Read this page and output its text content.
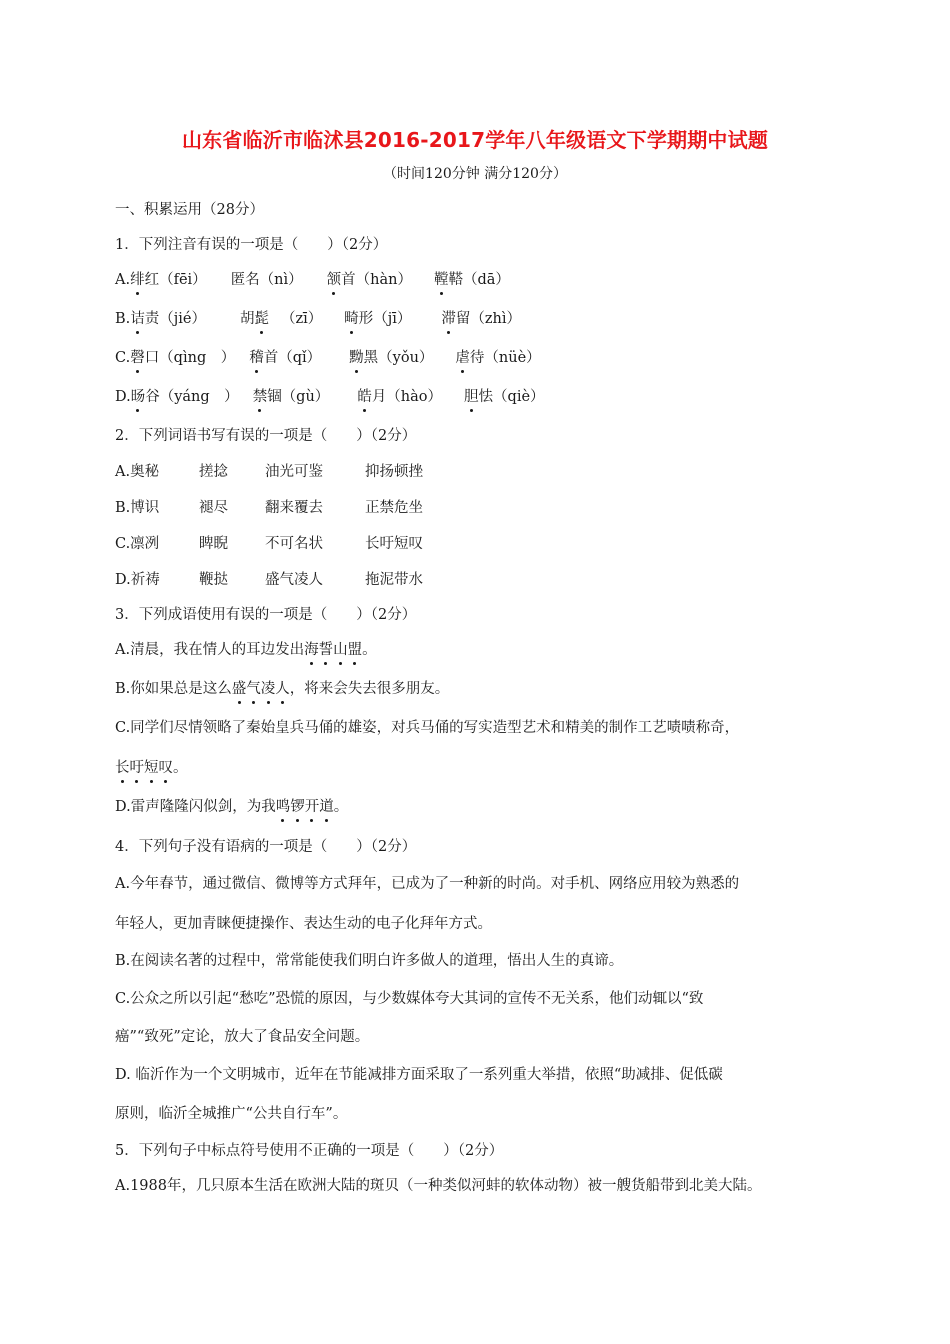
山东省临沂市临沭县2016-2017学年八年级语文下学期期中试题
（时间120分钟 满分120分）
一、积累运用（28分）
1．下列注音有误的一项是（　　）（2分）
A.绯红（fēi） 匿名（nì） 颔首（hàn） 鞺鞳（dā）
B.诘责（jié） 胡髭 （zī） 畸形（jī） 滞留（zhì）
C.磬口（qìng　） 稽首（qǐ） 黝黑（yǒu） 虐待（nüè）
D.旸谷（yáng　） 禁锢（gù） 皓月（hào） 胆怯（qiè）
2．下列词语书写有误的一项是（　　）（2分）
A.奥秘	搓捻	油光可鉴	抑扬顿挫
B.博识	褪尽	翻来覆去	正禁危坐
C.凛冽	睥睨	不可名状	长吁短叹
D.祈祷	鞭挞	盛气凌人	拖泥带水
3．下列成语使用有误的一项是（　　）（2分）
A.清晨，我在情人的耳边发出海誓山盟。
B.你如果总是这么盛气凌人，将来会失去很多朋友。
C.同学们尽情领略了秦始皇兵马俑的雄姿，对兵马俑的写实造型艺术和精美的制作工艺啧啧称奇，
长吁短叹。
D.雷声隆隆闪似剑，为我鸣锣开道。
4．下列句子没有语病的一项是（　　）（2分）
A.今年春节，通过微信、微博等方式拜年，已成为了一种新的时尚。对手机、网络应用较为熟悉的
年轻人，更加青睐便捷操作、表达生动的电子化拜年方式。
B.在阅读名著的过程中，常常能使我们明白许多做人的道理，悟出人生的真谛。
C.公众之所以引起“愁吃”恐慌的原因，与少数媒体夸大其词的宣传不无关系，他们动辄以“致
癌”“致死”定论，放大了食品安全问题。
D. 临沂作为一个文明城市，近年在节能减排方面采取了一系列重大举措，依照“助减排、促低碳
原则，临沂全城推广“公共自行车”。
5．下列句子中标点符号使用不正确的一项是（　　）（2分）
A.1988年，几只原本生活在欧洲大陆的斑贝（一种类似河蚌的软体动物）被一艘货船带到北美大陆。
